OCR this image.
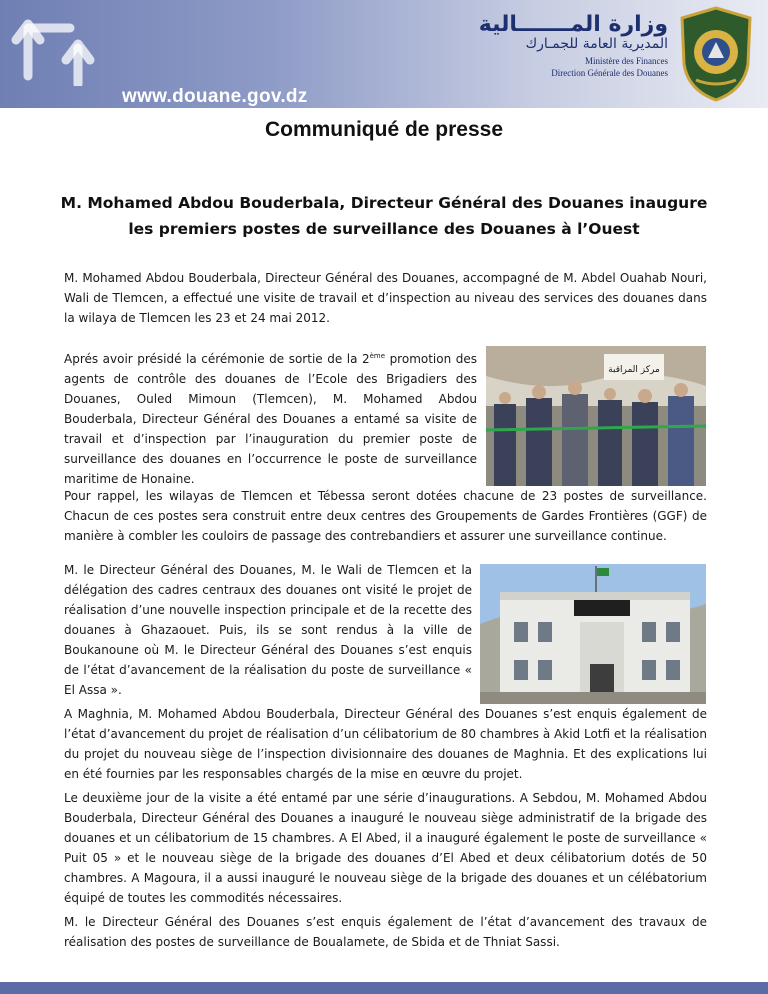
www.douane.gov.dz
وزارة المـــــــالية
المديرية العامة للجمـارك
Ministère des Finances
Direction Générale des Douanes
Communiqué de presse
M. Mohamed Abdou Bouderbala, Directeur Général des Douanes inaugure
les premiers postes de surveillance des Douanes à l’Ouest
M. Mohamed Abdou Bouderbala, Directeur Général des Douanes, accompagné de M. Abdel Ouahab Nouri, Wali de Tlemcen, a effectué une visite de travail et d’inspection au niveau des services des douanes dans la wilaya de Tlemcen les 23 et 24 mai 2012.
Aprés avoir présidé la cérémonie de sortie de la 2ème promotion des agents de contrôle des douanes de l’Ecole des Brigadiers des Douanes, Ouled Mimoun (Tlemcen), M. Mohamed Abdou Bouderbala, Directeur Général des Douanes a entamé sa visite de travail et d’inspection par l’inauguration du premier poste de surveillance des douanes en l’occurrence le poste de surveillance maritime de Honaine.
مركز المراقبة
Pour rappel, les wilayas de Tlemcen et Tébessa seront dotées chacune de 23 postes de surveillance. Chacun de ces postes sera construit entre deux centres des Groupements de Gardes Frontières (GGF) de manière à combler les couloirs de passage des contrebandiers et assurer une surveillance continue.
M. le Directeur Général des Douanes, M. le Wali de Tlemcen et la délégation des cadres centraux des douanes ont visité le projet de réalisation d’une nouvelle inspection principale et de la recette des douanes à Ghazaouet. Puis, ils se sont rendus à la ville de Boukanoune où M. le Directeur Général des Douanes s’est enquis de l’état d’avancement de la réalisation du poste de surveillance « El Assa ».
A Maghnia, M. Mohamed Abdou Bouderbala, Directeur Général des Douanes s’est enquis également de l’état d’avancement du projet de réalisation d’un célibatorium de 80 chambres à Akid Lotfi et la réalisation du projet du nouveau siège de l’inspection divisionnaire des douanes de Maghnia. Et des explications lui en été fournies par les responsables chargés de la mise en œuvre du projet.
Le deuxième jour de la visite a été entamé par une série d’inaugurations. A Sebdou, M. Mohamed Abdou Bouderbala, Directeur Général des Douanes a inauguré le nouveau siège administratif de la brigade des douanes et un célibatorium de 15 chambres. A El Abed, il a inauguré également le poste de surveillance « Puit 05 » et le nouveau siège de la brigade des douanes d’El Abed et deux célibatorium dotés de 50 chambres. A Magoura, il a aussi inauguré le nouveau siège de la brigade des douanes et un célébatorium équipé de toutes les commodités nécessaires.
M. le Directeur Général des Douanes s’est enquis également de l’état d’avancement des travaux de réalisation des postes de surveillance de Boualamete, de Sbida et de Thniat Sassi.
